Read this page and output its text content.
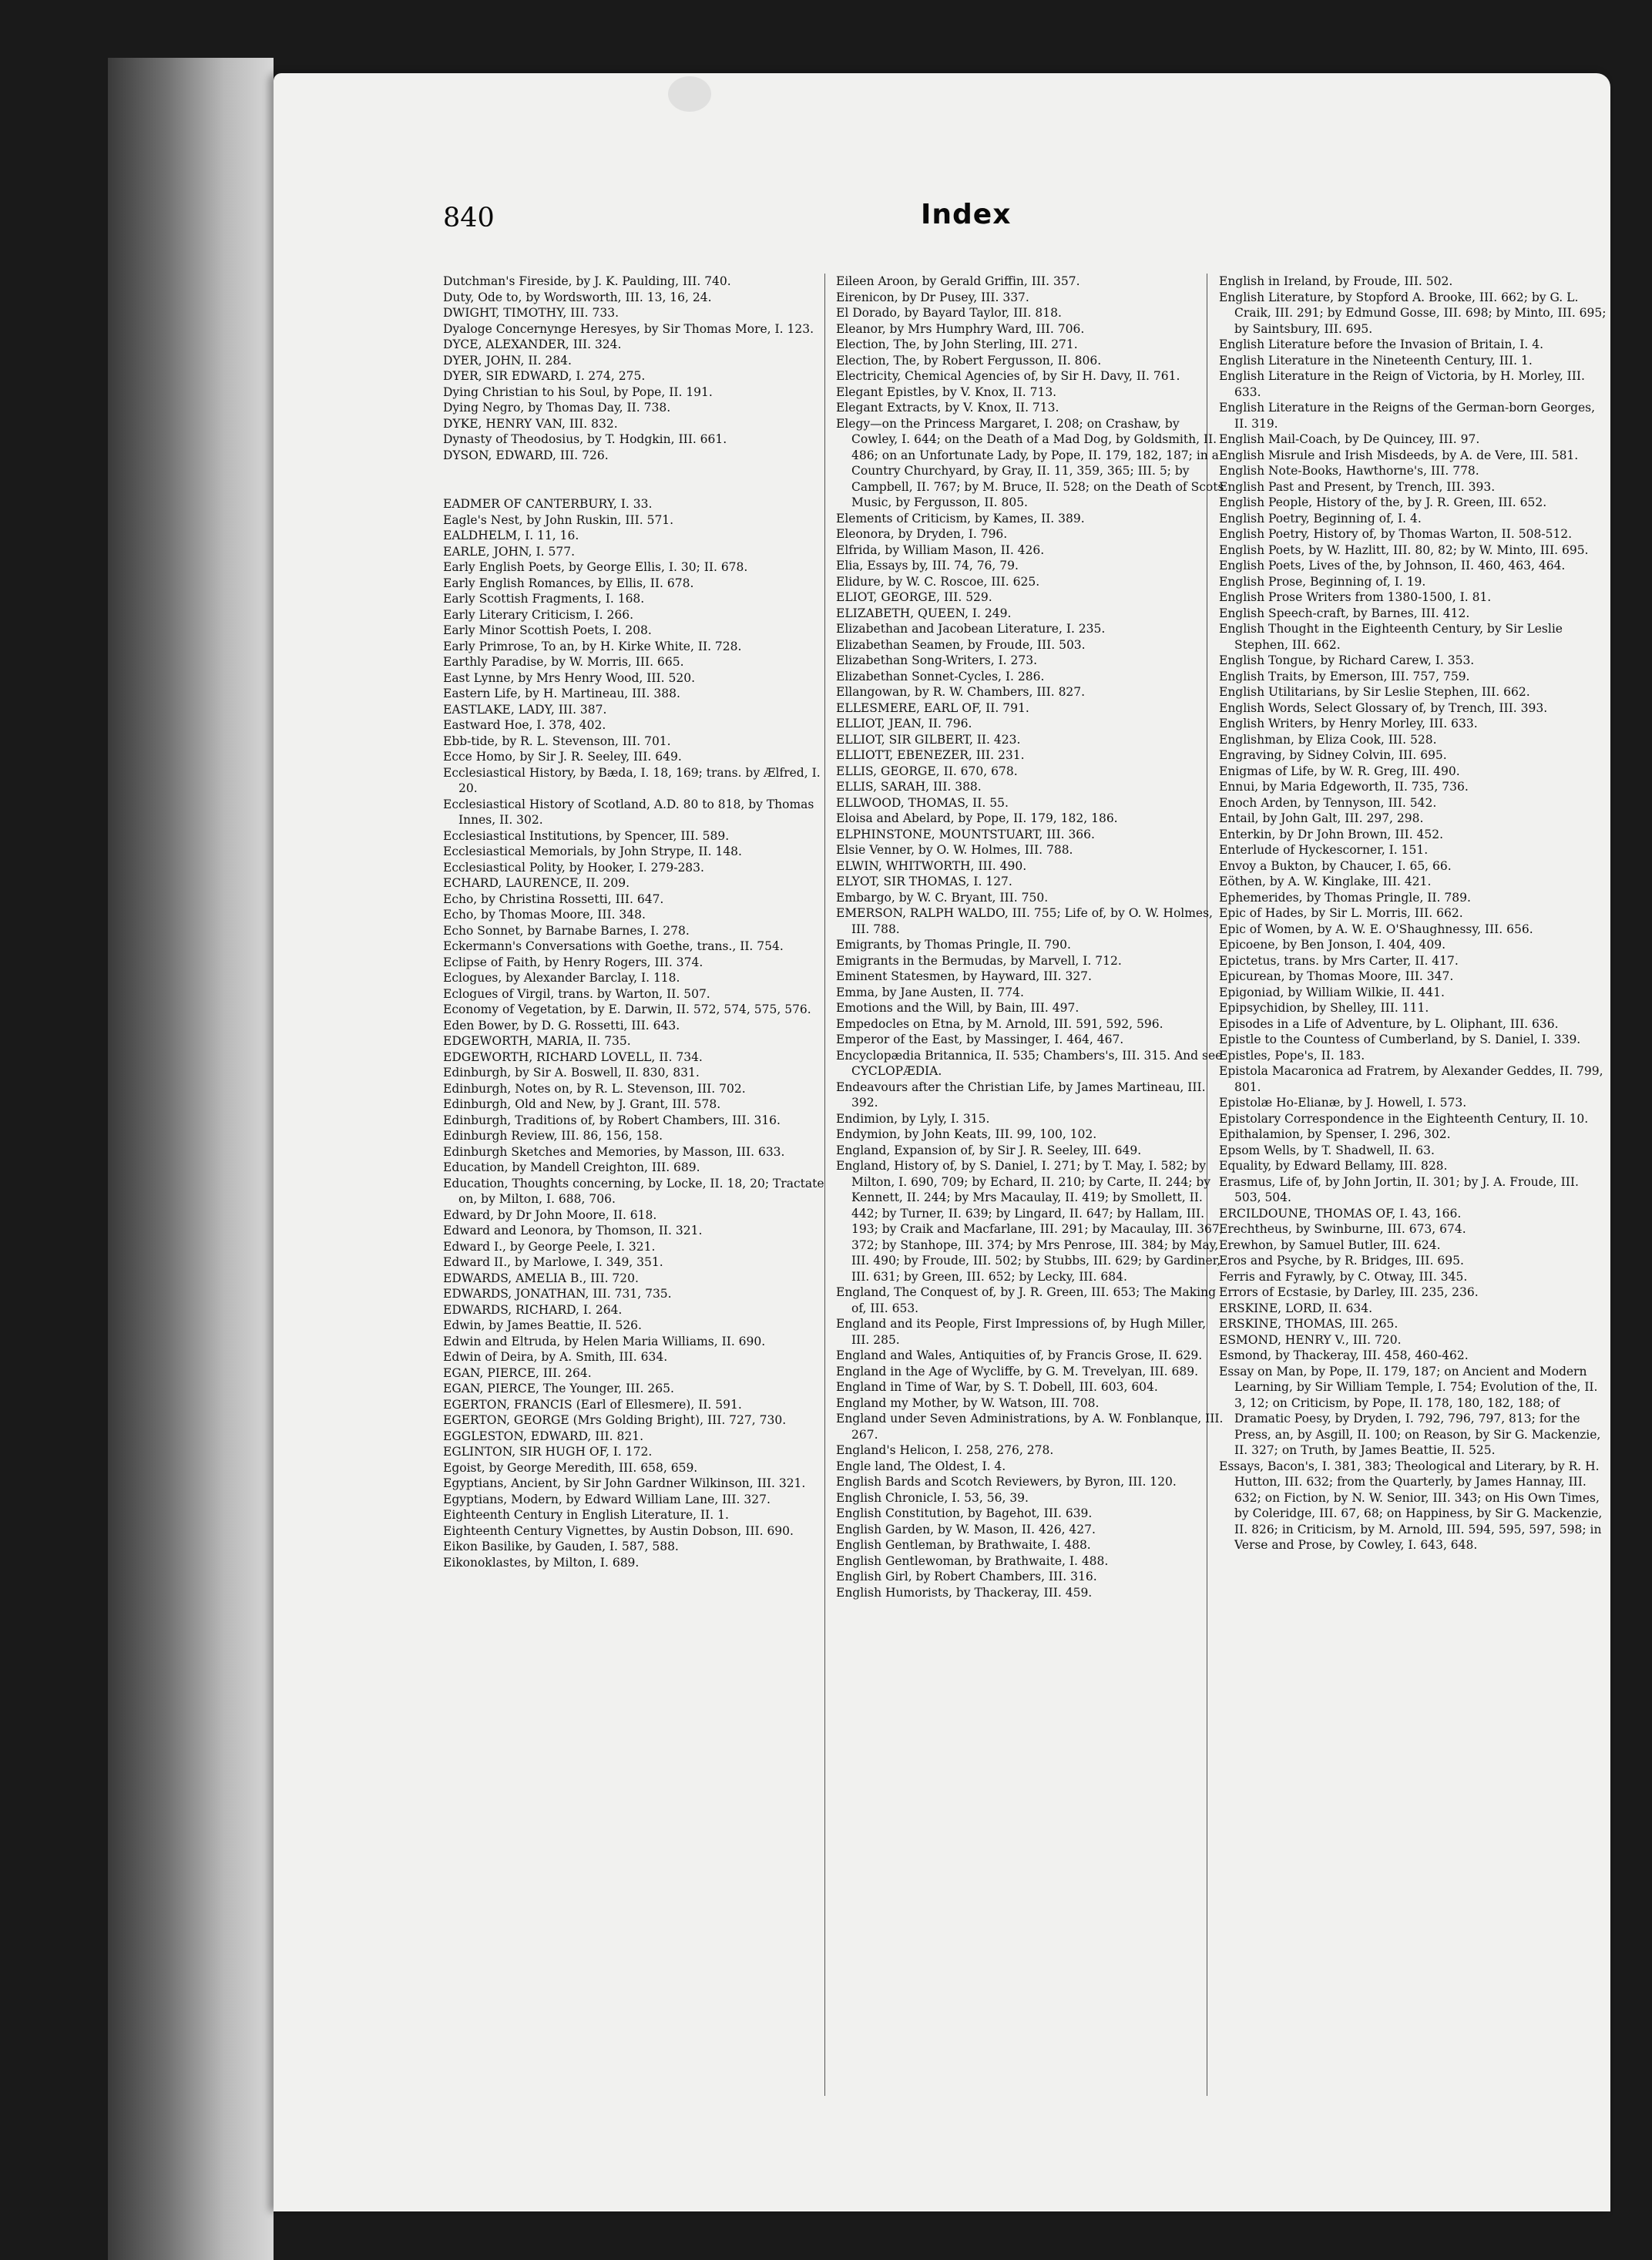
840	Index

Dutchman's Fireside, by J. K. Paulding, III. 740.

Duty, Ode to, by Wordsworth, III. 13, 16, 24.

DWIGHT, TIMOTHY, III. 733.

Dyaloge Concernynge Heresyes, by Sir Thomas More, I. 123.

DYCE, ALEXANDER, III. 324.

DYER, JOHN, II. 284.

DYER, SIR EDWARD, I. 274, 275.

Dying Christian to his Soul, by Pope, II. 191.

Dying Negro, by Thomas Day, II. 738.

DYKE, HENRY VAN, III. 832.

Dynasty of Theodosius, by T. Hodgkin, III. 661.

DYSON, EDWARD, III. 726.

EADMER OF CANTERBURY, I. 33.

Eagle's Nest, by John Ruskin, III. 571.

EALDHELM, I. 11, 16.

EARLE, JOHN, I. 577.

Early English Poets, by George Ellis, I. 30; II. 678.

Early English Romances, by Ellis, II. 678.

Early Scottish Fragments, I. 168.

Early Literary Criticism, I. 266.

Early Minor Scottish Poets, I. 208.

Early Primrose, To an, by H. Kirke White, II. 728.

Earthly Paradise, by W. Morris, III. 665.

East Lynne, by Mrs Henry Wood, III. 520.

Eastern Life, by H. Martineau, III. 388.

EASTLAKE, LADY, III. 387.

Eastward Hoe, I. 378, 402.

Ebb-tide, by R. L. Stevenson, III. 701.

Ecce Homo, by Sir J. R. Seeley, III. 649.

Ecclesiastical History, by Bæda, I. 18, 169; trans. by Ælfred, I. 20.

Ecclesiastical History of Scotland, A.D. 80 to 818, by Thomas Innes, II. 302.

Ecclesiastical Institutions, by Spencer, III. 589.

Ecclesiastical Memorials, by John Strype, II. 148.

Ecclesiastical Polity, by Hooker, I. 279-283.

ECHARD, LAURENCE, II. 209.

Echo, by Christina Rossetti, III. 647.

Echo, by Thomas Moore, III. 348.

Echo Sonnet, by Barnabe Barnes, I. 278.

Eckermann's Conversations with Goethe, trans., II. 754.

Eclipse of Faith, by Henry Rogers, III. 374.

Eclogues, by Alexander Barclay, I. 118.

Eclogues of Virgil, trans. by Warton, II. 507.

Economy of Vegetation, by E. Darwin, II. 572, 574, 575, 576.

Eden Bower, by D. G. Rossetti, III. 643.

EDGEWORTH, MARIA, II. 735.

EDGEWORTH, RICHARD LOVELL, II. 734.

Edinburgh, by Sir A. Boswell, II. 830, 831.

Edinburgh, Notes on, by R. L. Stevenson, III. 702.

Edinburgh, Old and New, by J. Grant, III. 578.

Edinburgh, Traditions of, by Robert Chambers, III. 316.

Edinburgh Review, III. 86, 156, 158.

Edinburgh Sketches and Memories, by Masson, III. 633.

Education, by Mandell Creighton, III. 689.

Education, Thoughts concerning, by Locke, II. 18, 20; Tractate on, by Milton, I. 688, 706.

Edward, by Dr John Moore, II. 618.

Edward and Leonora, by Thomson, II. 321.

Edward I., by George Peele, I. 321.

Edward II., by Marlowe, I. 349, 351.

EDWARDS, AMELIA B., III. 720.

EDWARDS, JONATHAN, III. 731, 735.

EDWARDS, RICHARD, I. 264.

Edwin, by James Beattie, II. 526.

Edwin and Eltruda, by Helen Maria Williams, II. 690.

Edwin of Deira, by A. Smith, III. 634.

EGAN, PIERCE, III. 264.

EGAN, PIERCE, The Younger, III. 265.

EGERTON, FRANCIS (Earl of Ellesmere), II. 591.

EGERTON, GEORGE (Mrs Golding Bright), III. 727, 730.

EGGLESTON, EDWARD, III. 821.

EGLINTON, SIR HUGH OF, I. 172.

Egoist, by George Meredith, III. 658, 659.

Egyptians, Ancient, by Sir John Gardner Wilkinson, III. 321.

Egyptians, Modern, by Edward William Lane, III. 327.

Eighteenth Century in English Literature, II. 1.

Eighteenth Century Vignettes, by Austin Dobson, III. 690.

Eikon Basilike, by Gauden, I. 587, 588.

Eikonoklastes, by Milton, I. 689.

Eileen Aroon, by Gerald Griffin, III. 357.

Eirenicon, by Dr Pusey, III. 337.

El Dorado, by Bayard Taylor, III. 818.

Eleanor, by Mrs Humphry Ward, III. 706.

Election, The, by John Sterling, III. 271.

Election, The, by Robert Fergusson, II. 806.

Electricity, Chemical Agencies of, by Sir H. Davy, II. 761.

Elegant Epistles, by V. Knox, II. 713.

Elegant Extracts, by V. Knox, II. 713.

Elegy—on the Princess Margaret, I. 208; on Crashaw, by Cowley, I. 644; on the Death of a Mad Dog, by Goldsmith, II. 486; on an Unfortunate Lady, by Pope, II. 179, 182, 187; in a Country Churchyard, by Gray, II. 11, 359, 365; III. 5; by Campbell, II. 767; by M. Bruce, II. 528; on the Death of Scots Music, by Fergusson, II. 805.

Elements of Criticism, by Kames, II. 389.

Eleonora, by Dryden, I. 796.

Elfrida, by William Mason, II. 426.

Elia, Essays by, III. 74, 76, 79.

Elidure, by W. C. Roscoe, III. 625.

ELIOT, GEORGE, III. 529.

ELIZABETH, QUEEN, I. 249.

Elizabethan and Jacobean Literature, I. 235.

Elizabethan Seamen, by Froude, III. 503.

Elizabethan Song-Writers, I. 273.

Elizabethan Sonnet-Cycles, I. 286.

Ellangowan, by R. W. Chambers, III. 827.

ELLESMERE, EARL OF, II. 791.

ELLIOT, JEAN, II. 796.

ELLIOT, SIR GILBERT, II. 423.

ELLIOTT, EBENEZER, III. 231.

ELLIS, GEORGE, II. 670, 678.

ELLIS, SARAH, III. 388.

ELLWOOD, THOMAS, II. 55.

Eloisa and Abelard, by Pope, II. 179, 182, 186.

ELPHINSTONE, MOUNTSTUART, III. 366.

Elsie Venner, by O. W. Holmes, III. 788.

ELWIN, WHITWORTH, III. 490.

ELYOT, SIR THOMAS, I. 127.

Embargo, by W. C. Bryant, III. 750.

EMERSON, RALPH WALDO, III. 755; Life of, by O. W. Holmes, III. 788.

Emigrants, by Thomas Pringle, II. 790.

Emigrants in the Bermudas, by Marvell, I. 712.

Eminent Statesmen, by Hayward, III. 327.

Emma, by Jane Austen, II. 774.

Emotions and the Will, by Bain, III. 497.

Empedocles on Etna, by M. Arnold, III. 591, 592, 596.

Emperor of the East, by Massinger, I. 464, 467.

Encyclopædia Britannica, II. 535; Chambers's, III. 315. And see CYCLOPÆDIA.

Endeavours after the Christian Life, by James Martineau, III. 392.

Endimion, by Lyly, I. 315.

Endymion, by John Keats, III. 99, 100, 102.

England, Expansion of, by Sir J. R. Seeley, III. 649.

England, History of, by S. Daniel, I. 271; by T. May, I. 582; by Milton, I. 690, 709; by Echard, II. 210; by Carte, II. 244; by Kennett, II. 244; by Mrs Macaulay, II. 419; by Smollett, II. 442; by Turner, II. 639; by Lingard, II. 647; by Hallam, III. 193; by Craik and Macfarlane, III. 291; by Macaulay, III. 367, 372; by Stanhope, III. 374; by Mrs Penrose, III. 384; by May, III. 490; by Froude, III. 502; by Stubbs, III. 629; by Gardiner, III. 631; by Green, III. 652; by Lecky, III. 684.

England, The Conquest of, by J. R. Green, III. 653; The Making of, III. 653.

England and its People, First Impressions of, by Hugh Miller, III. 285.

England and Wales, Antiquities of, by Francis Grose, II. 629.

England in the Age of Wycliffe, by G. M. Trevelyan, III. 689.

England in Time of War, by S. T. Dobell, III. 603, 604.

England my Mother, by W. Watson, III. 708.

England under Seven Administrations, by A. W. Fonblanque, III. 267.

England's Helicon, I. 258, 276, 278.

Engle land, The Oldest, I. 4.

English Bards and Scotch Reviewers, by Byron, III. 120.

English Chronicle, I. 53, 56, 39.

English Constitution, by Bagehot, III. 639.

English Garden, by W. Mason, II. 426, 427.

English Gentleman, by Brathwaite, I. 488.

English Gentlewoman, by Brathwaite, I. 488.

English Girl, by Robert Chambers, III. 316.

English Humorists, by Thackeray, III. 459.

English in Ireland, by Froude, III. 502.

English Literature, by Stopford A. Brooke, III. 662; by G. L. Craik, III. 291; by Edmund Gosse, III. 698; by Minto, III. 695; by Saintsbury, III. 695.

English Literature before the Invasion of Britain, I. 4.

English Literature in the Nineteenth Century, III. 1.

English Literature in the Reign of Victoria, by H. Morley, III. 633.

English Literature in the Reigns of the German-born Georges, II. 319.

English Mail-Coach, by De Quincey, III. 97.

English Misrule and Irish Misdeeds, by A. de Vere, III. 581.

English Note-Books, Hawthorne's, III. 778.

English Past and Present, by Trench, III. 393.

English People, History of the, by J. R. Green, III. 652.

English Poetry, Beginning of, I. 4.

English Poetry, History of, by Thomas Warton, II. 508-512.

English Poets, by W. Hazlitt, III. 80, 82; by W. Minto, III. 695.

English Poets, Lives of the, by Johnson, II. 460, 463, 464.

English Prose, Beginning of, I. 19.

English Prose Writers from 1380-1500, I. 81.

English Speech-craft, by Barnes, III. 412.

English Thought in the Eighteenth Century, by Sir Leslie Stephen, III. 662.

English Tongue, by Richard Carew, I. 353.

English Traits, by Emerson, III. 757, 759.

English Utilitarians, by Sir Leslie Stephen, III. 662.

English Words, Select Glossary of, by Trench, III. 393.

English Writers, by Henry Morley, III. 633.

Englishman, by Eliza Cook, III. 528.

Engraving, by Sidney Colvin, III. 695.

Enigmas of Life, by W. R. Greg, III. 490.

Ennui, by Maria Edgeworth, II. 735, 736.

Enoch Arden, by Tennyson, III. 542.

Entail, by John Galt, III. 297, 298.

Enterkin, by Dr John Brown, III. 452.

Enterlude of Hyckescorner, I. 151.

Envoy a Bukton, by Chaucer, I. 65, 66.

Eöthen, by A. W. Kinglake, III. 421.

Ephemerides, by Thomas Pringle, II. 789.

Epic of Hades, by Sir L. Morris, III. 662.

Epic of Women, by A. W. E. O'Shaughnessy, III. 656.

Epicoene, by Ben Jonson, I. 404, 409.

Epictetus, trans. by Mrs Carter, II. 417.

Epicurean, by Thomas Moore, III. 347.

Epigoniad, by William Wilkie, II. 441.

Epipsychidion, by Shelley, III. 111.

Episodes in a Life of Adventure, by L. Oliphant, III. 636.

Epistle to the Countess of Cumberland, by S. Daniel, I. 339.

Epistles, Pope's, II. 183.

Epistola Macaronica ad Fratrem, by Alexander Geddes, II. 799, 801.

Epistolæ Ho-Elianæ, by J. Howell, I. 573.

Epistolary Correspondence in the Eighteenth Century, II. 10.

Epithalamion, by Spenser, I. 296, 302.

Epsom Wells, by T. Shadwell, II. 63.

Equality, by Edward Bellamy, III. 828.

Erasmus, Life of, by John Jortin, II. 301; by J. A. Froude, III. 503, 504.

ERCILDOUNE, THOMAS OF, I. 43, 166.

Erechtheus, by Swinburne, III. 673, 674.

Erewhon, by Samuel Butler, III. 624.

Eros and Psyche, by R. Bridges, III. 695.

Ferris and Fyrawly, by C. Otway, III. 345.

Errors of Ecstasie, by Darley, III. 235, 236.

ERSKINE, LORD, II. 634.

ERSKINE, THOMAS, III. 265.

ESMOND, HENRY V., III. 720.

Esmond, by Thackeray, III. 458, 460-462.

Essay on Man, by Pope, II. 179, 187; on Ancient and Modern Learning, by Sir William Temple, I. 754; Evolution of the, II. 3, 12; on Criticism, by Pope, II. 178, 180, 182, 188; of Dramatic Poesy, by Dryden, I. 792, 796, 797, 813; for the Press, an, by Asgill, II. 100; on Reason, by Sir G. Mackenzie, II. 327; on Truth, by James Beattie, II. 525.

Essays, Bacon's, I. 381, 383; Theological and Literary, by R. H. Hutton, III. 632; from the Quarterly, by James Hannay, III. 632; on Fiction, by N. W. Senior, III. 343; on His Own Times, by Coleridge, III. 67, 68; on Happiness, by Sir G. Mackenzie, II. 826; in Criticism, by M. Arnold, III. 594, 595, 597, 598; in Verse and Prose, by Cowley, I. 643, 648.
